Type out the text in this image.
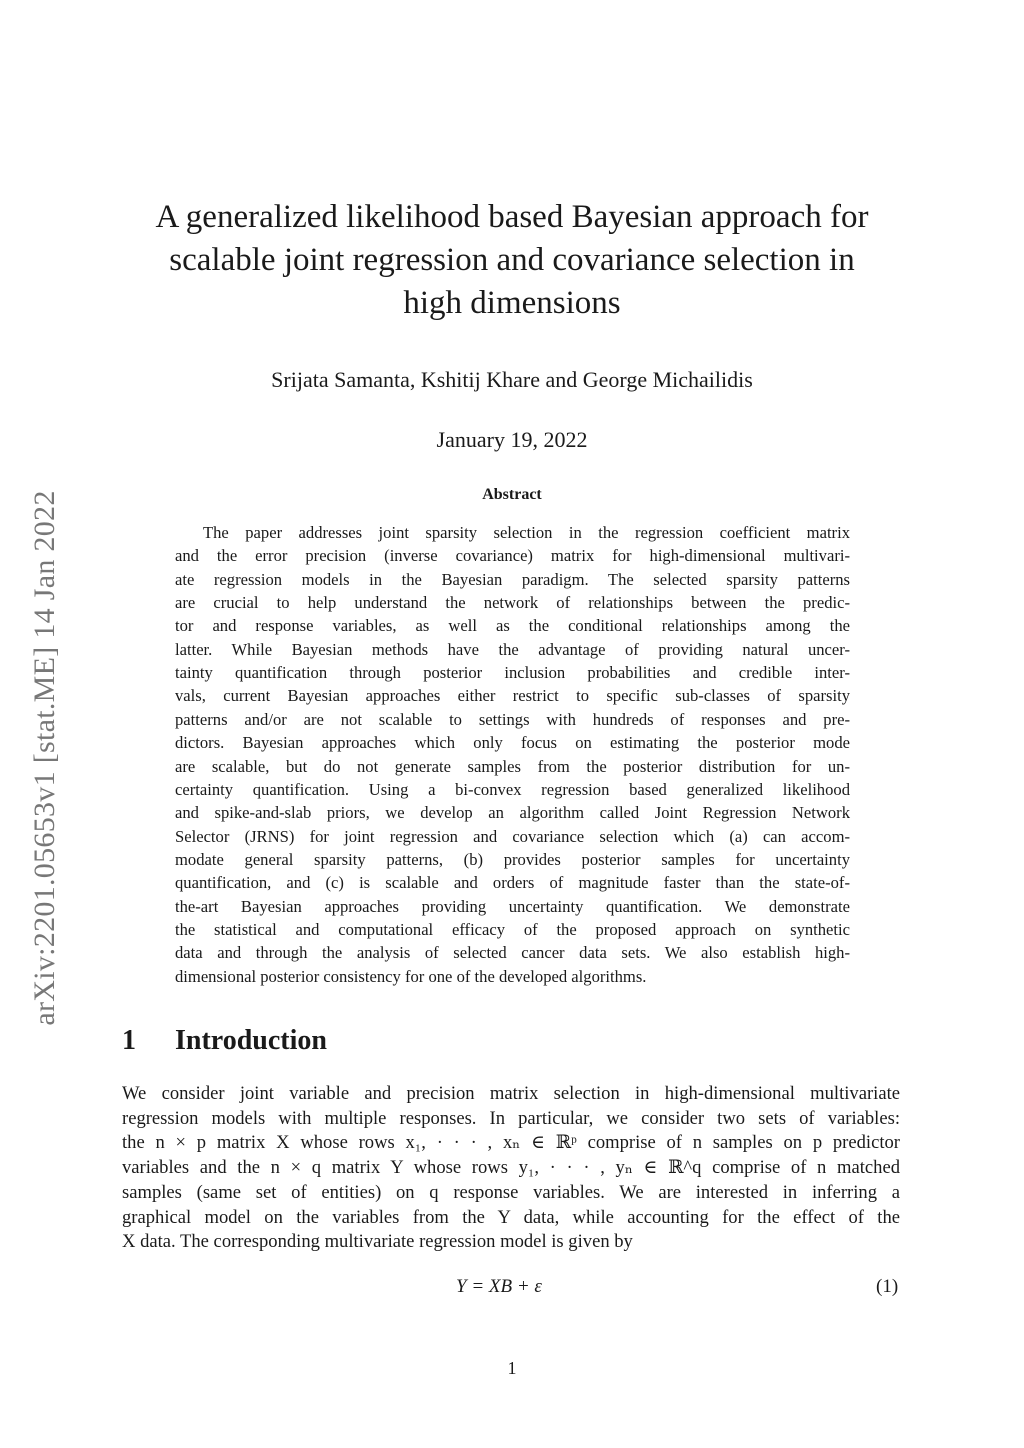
arXiv:2201.05653v1 [stat.ME] 14 Jan 2022
A generalized likelihood based Bayesian approach for
scalable joint regression and covariance selection in
high dimensions
Srijata Samanta, Kshitij Khare and George Michailidis
January 19, 2022
Abstract
The paper addresses joint sparsity selection in the regression coefficient matrix
and the error precision (inverse covariance) matrix for high-dimensional multivari-
ate regression models in the Bayesian paradigm. The selected sparsity patterns
are crucial to help understand the network of relationships between the predic-
tor and response variables, as well as the conditional relationships among the
latter. While Bayesian methods have the advantage of providing natural uncer-
tainty quantification through posterior inclusion probabilities and credible inter-
vals, current Bayesian approaches either restrict to specific sub-classes of sparsity
patterns and/or are not scalable to settings with hundreds of responses and pre-
dictors. Bayesian approaches which only focus on estimating the posterior mode
are scalable, but do not generate samples from the posterior distribution for un-
certainty quantification. Using a bi-convex regression based generalized likelihood
and spike-and-slab priors, we develop an algorithm called Joint Regression Network
Selector (JRNS) for joint regression and covariance selection which (a) can accom-
modate general sparsity patterns, (b) provides posterior samples for uncertainty
quantification, and (c) is scalable and orders of magnitude faster than the state-of-
the-art Bayesian approaches providing uncertainty quantification. We demonstrate
the statistical and computational efficacy of the proposed approach on synthetic
data and through the analysis of selected cancer data sets. We also establish high-
dimensional posterior consistency for one of the developed algorithms.
1 Introduction
We consider joint variable and precision matrix selection in high-dimensional multivariate
regression models with multiple responses. In particular, we consider two sets of variables:
the n × p matrix X whose rows x₁, · · · , xₙ ∈ ℝᵖ comprise of n samples on p predictor
variables and the n × q matrix Y whose rows y₁, · · · , yₙ ∈ ℝ^q comprise of n matched
samples (same set of entities) on q response variables. We are interested in inferring a
graphical model on the variables from the Y data, while accounting for the effect of the
X data. The corresponding multivariate regression model is given by
Y = XB + ε	(1)
1
